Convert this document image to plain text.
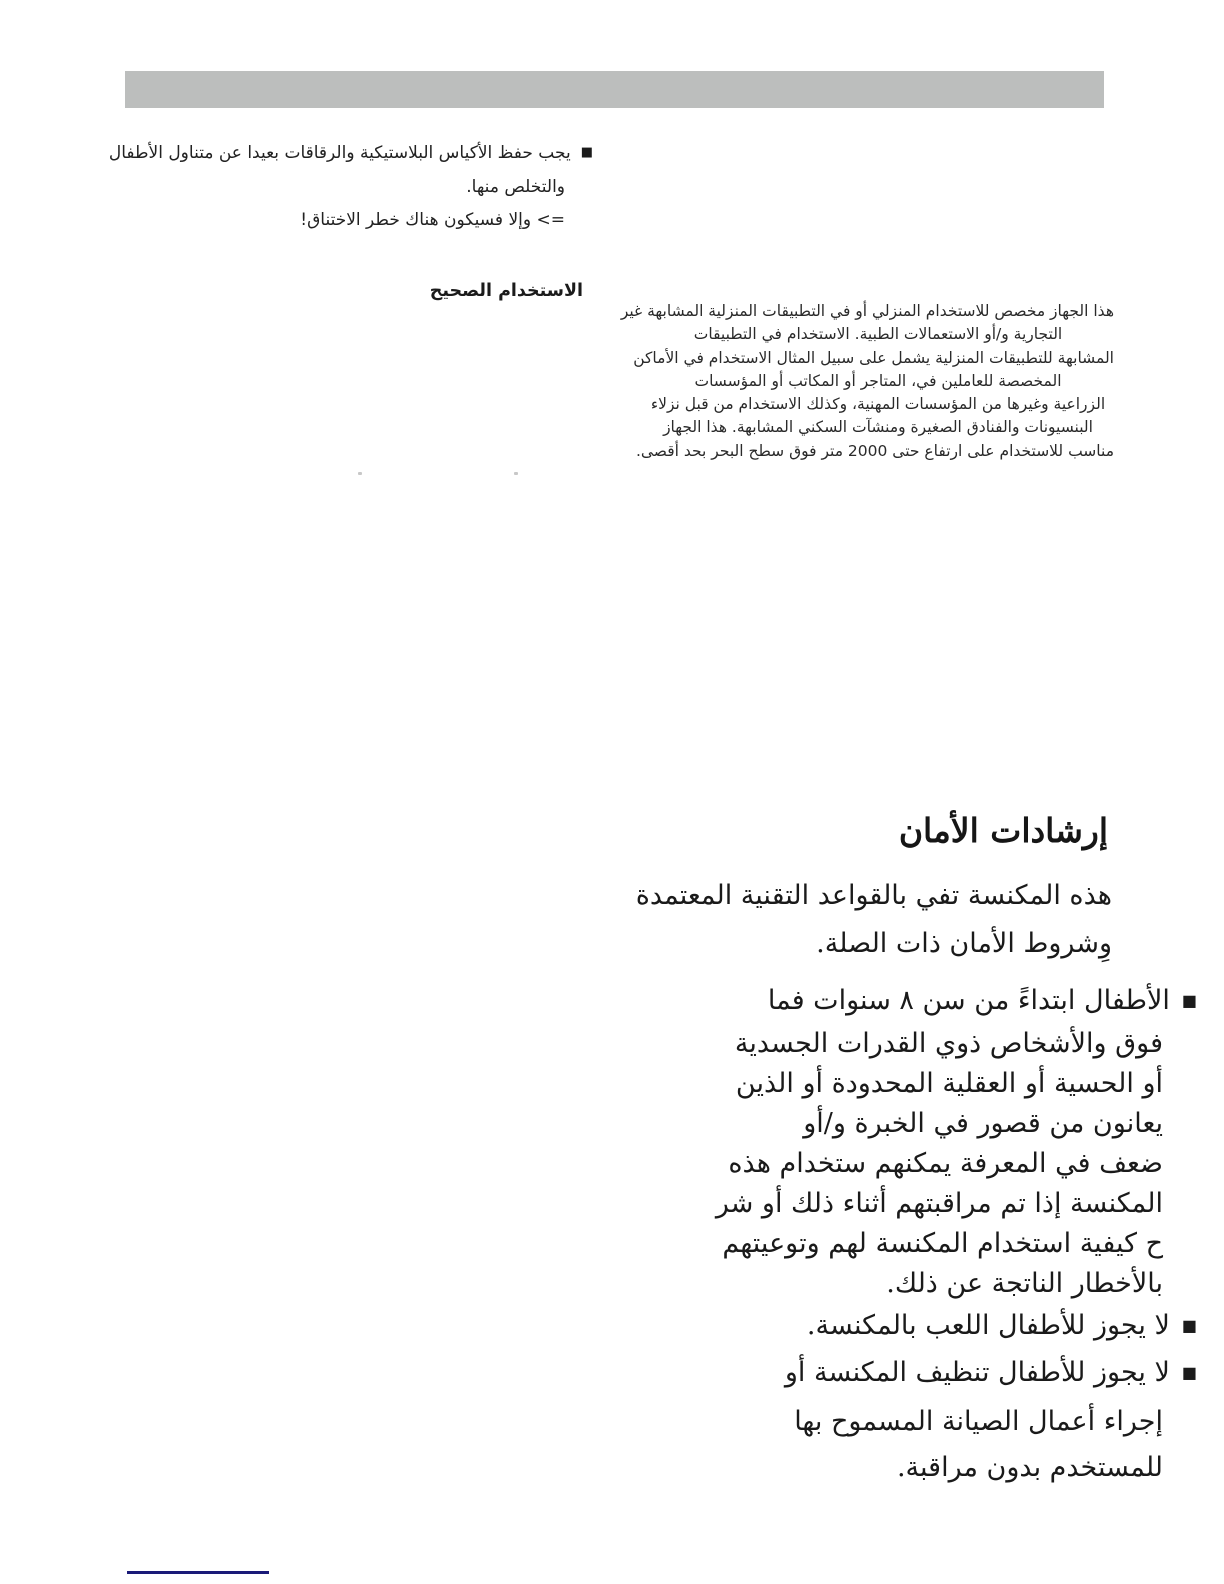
■يجب حفظ الأكياس البلاستيكية والرقاقات بعيدا عن متناول الأطفال
والتخلص منها.
=> وإلا فسيكون هناك خطر الاختناق!
الاستخدام الصحيح
هذا الجهاز مخصص للاستخدام المنزلي أو في التطبيقات المنزلية المشابهة غير
التجارية و/أو الاستعمالات الطبية. الاستخدام في التطبيقات
المشابهة للتطبيقات المنزلية يشمل على سبيل المثال الاستخدام في الأماكن
المخصصة للعاملين في، المتاجر أو المكاتب أو المؤسسات
الزراعية وغيرها من المؤسسات المهنية، وكذلك الاستخدام من قبل نزلاء
البنسيونات والفنادق الصغيرة ومنشآت السكني المشابهة. هذا الجهاز
مناسب للاستخدام على ارتفاع حتى 2000 متر فوق سطح البحر بحد أقصى.
إرشادات الأمان
هذه المكنسة تفي بالقواعد التقنية المعتمدة
وِشروط الأمان ذات الصلة.
■الأطفال ابتداءً من سن ٨ سنوات فما
فوق والأشخاص ذوي القدرات الجسدية
أو الحسية أو العقلية المحدودة أو الذين
يعانون من قصور في الخبرة و/أو
ضعف في المعرفة يمكنهم ستخدام هذه
المكنسة إذا تم مراقبتهم أثناء ذلك أو شر
ح كيفية استخدام المكنسة لهم وتوعيتهم
بالأخطار الناتجة عن ذلك.
■لا يجوز للأطفال اللعب بالمكنسة.
■لا يجوز للأطفال تنظيف المكنسة أو
إجراء أعمال الصيانة المسموح بها
للمستخدم بدون مراقبة.
